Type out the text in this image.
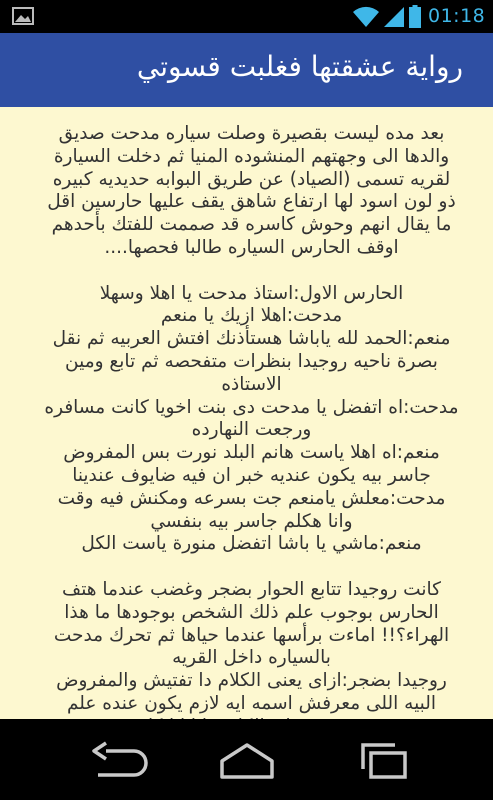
01:18
رواية عشقتها فغلبت قسوتي

بعد مده ليست بقصيرة وصلت سياره مدحت صديق
والدها الى وجهتهم المنشوده المنيا ثم دخلت السيارة
لقريه تسمى (الصياد) عن طريق البوابه حديديه كبيره
ذو لون اسود لها ارتفاع شاهق يقف عليها حارسين اقل
ما يقال انهم وحوش كاسره قد صممت للفتك بأحدهم
اوقف الحارس السياره طالبا فحصها....

الحارس الاول:استاذ مدحت يا اهلا وسهلا
مدحت:اهلا ازيك يا منعم
منعم:الحمد لله ياباشا هستأذنك افتش العربيه ثم نقل
بصرة ناحيه روجيدا بنظرات متفحصه ثم تابع ومين
الاستاذه
مدحت:اه اتفضل يا مدحت دى بنت اخويا كانت مسافره
ورجعت النهارده
منعم:اه اهلا ياست هانم البلد نورت بس المفروض
جاسر بيه يكون عنديه خبر ان فيه ضايوف عندينا
مدحت:معلش يامنعم جت بسرعه ومكنش فيه وقت
وانا هكلم جاسر بيه بنفسي
منعم:ماشي يا باشا اتفضل منورة ياست الكل

كانت روجيدا تتابع الحوار بضجر وغضب عندما هتف
الحارس بوجوب علم ذلك الشخص بوجودها ما هذا
الهراء؟!! اماءت برأسها عندما حياها ثم تحرك مدحت
بالسياره داخل القريه
روجيدا بضجر:ازاى يعنى الكلام دا تفتيش والمفروض
البيه اللى معرفش اسمه ايه لازم يكون عنده علم
